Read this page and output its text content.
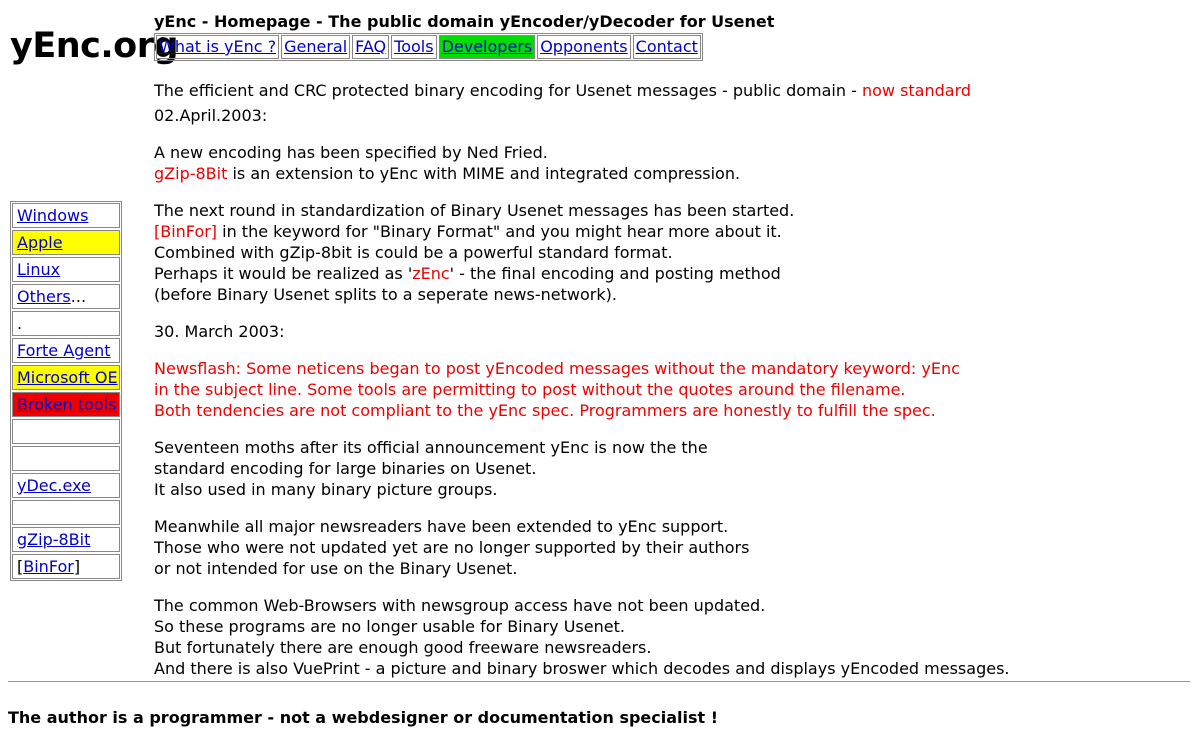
yEnc.org
yEnc - Homepage - The public domain yEncoder/yDecoder for Usenet
What is yEnc ? General FAQ Tools Developers Opponents Contact
Windows
Apple
Linux
Others...
.
Forte Agent
Microsoft OE
Broken tools
yDec.exe
gZip-8Bit
[BinFor]
The efficient and CRC protected binary encoding for Usenet messages - public domain - now standard

02.April.2003:

A new encoding has been specified by Ned Fried.
gZip-8Bit is an extension to yEnc with MIME and integrated compression.

The next round in standardization of Binary Usenet messages has been started.
[BinFor] in the keyword for "Binary Format" and you might hear more about it.
Combined with gZip-8bit is could be a powerful standard format.
Perhaps it would be realized as 'zEnc' - the final encoding and posting method
(before Binary Usenet splits to a seperate news-network).

30. March 2003:

Newsflash: Some neticens began to post yEncoded messages without the mandatory keyword: yEnc
in the subject line. Some tools are permitting to post without the quotes around the filename.
Both tendencies are not compliant to the yEnc spec. Programmers are honestly to fulfill the spec.

Seventeen moths after its official announcement yEnc is now the the
standard encoding for large binaries on Usenet.
It also used in many binary picture groups.

Meanwhile all major newsreaders have been extended to yEnc support.
Those who were not updated yet are no longer supported by their authors
or not intended for use on the Binary Usenet.

The common Web-Browsers with newsgroup access have not been updated.
So these programs are no longer usable for Binary Usenet.
But fortunately there are enough good freeware newsreaders.
And there is also VuePrint - a picture and binary broswer which decodes and displays yEncoded messages.

The author is a programmer - not a webdesigner or documentation specialist !
